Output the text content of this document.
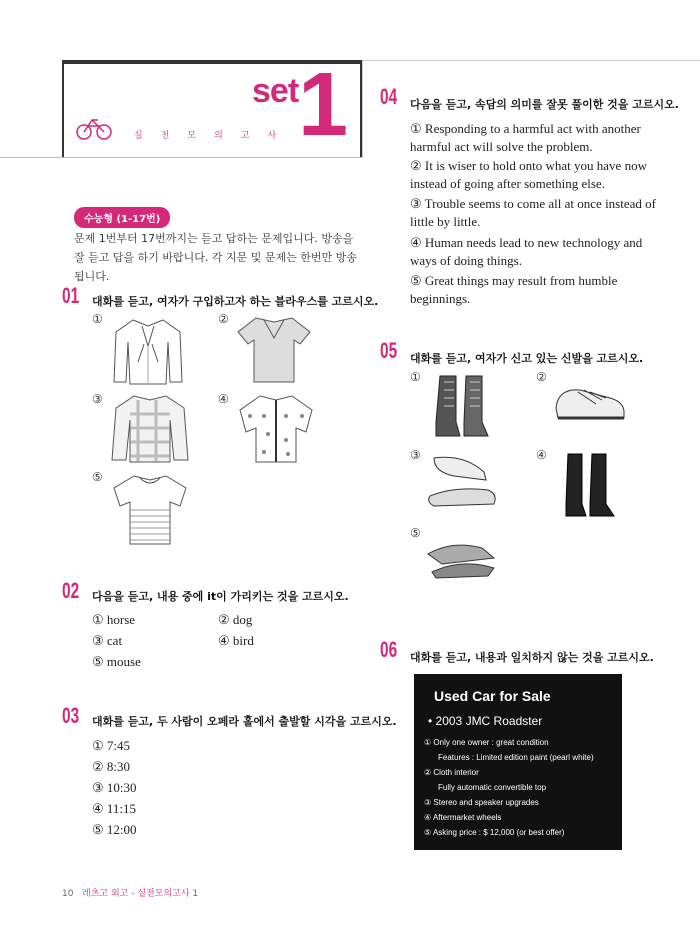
set 1
실전모의고사
수능형 (1-17번)
문제 1번부터 17번까지는 듣고 답하는 문제입니다. 방송을 잘 듣고 답을 하기 바랍니다. 각 지문 및 문제는 한번만 방송됩니다.
01 대화를 듣고, 여자가 구입하고자 하는 블라우스를 고르시오.
①	②
③	④
⑤
02 다음을 듣고, 내용 중에 it이 가리키는 것을 고르시오.
① horse	② dog
③ cat	④ bird
⑤ mouse
03 대화를 듣고, 두 사람이 오페라 홀에서 출발할 시각을 고르시오.
① 7:45
② 8:30
③ 10:30
④ 11:15
⑤ 12:00
04 다음을 듣고, 속담의 의미를 잘못 풀이한 것을 고르시오.
① Responding to a harmful act with another harmful act will solve the problem.
② It is wiser to hold onto what you have now instead of going after something else.
③ Trouble seems to come all at once instead of little by little.
④ Human needs lead to new technology and ways of doing things.
⑤ Great things may result from humble beginnings.
05 대화를 듣고, 여자가 신고 있는 신발을 고르시오.
①	②
③	④
⑤
06 대화를 듣고, 내용과 일치하지 않는 것을 고르시오.
Used Car for Sale
• 2003 JMC Roadster
① Only one owner : great condition
Features : Limited edition paint (pearl white)
② Cloth interior
Fully automatic convertible top
③ Stereo and speaker upgrades
④ Aftermarket wheels
⑤ Asking price : $ 12,000 (or best offer)
10 레츠고 외고 - 실전모의고사 1
